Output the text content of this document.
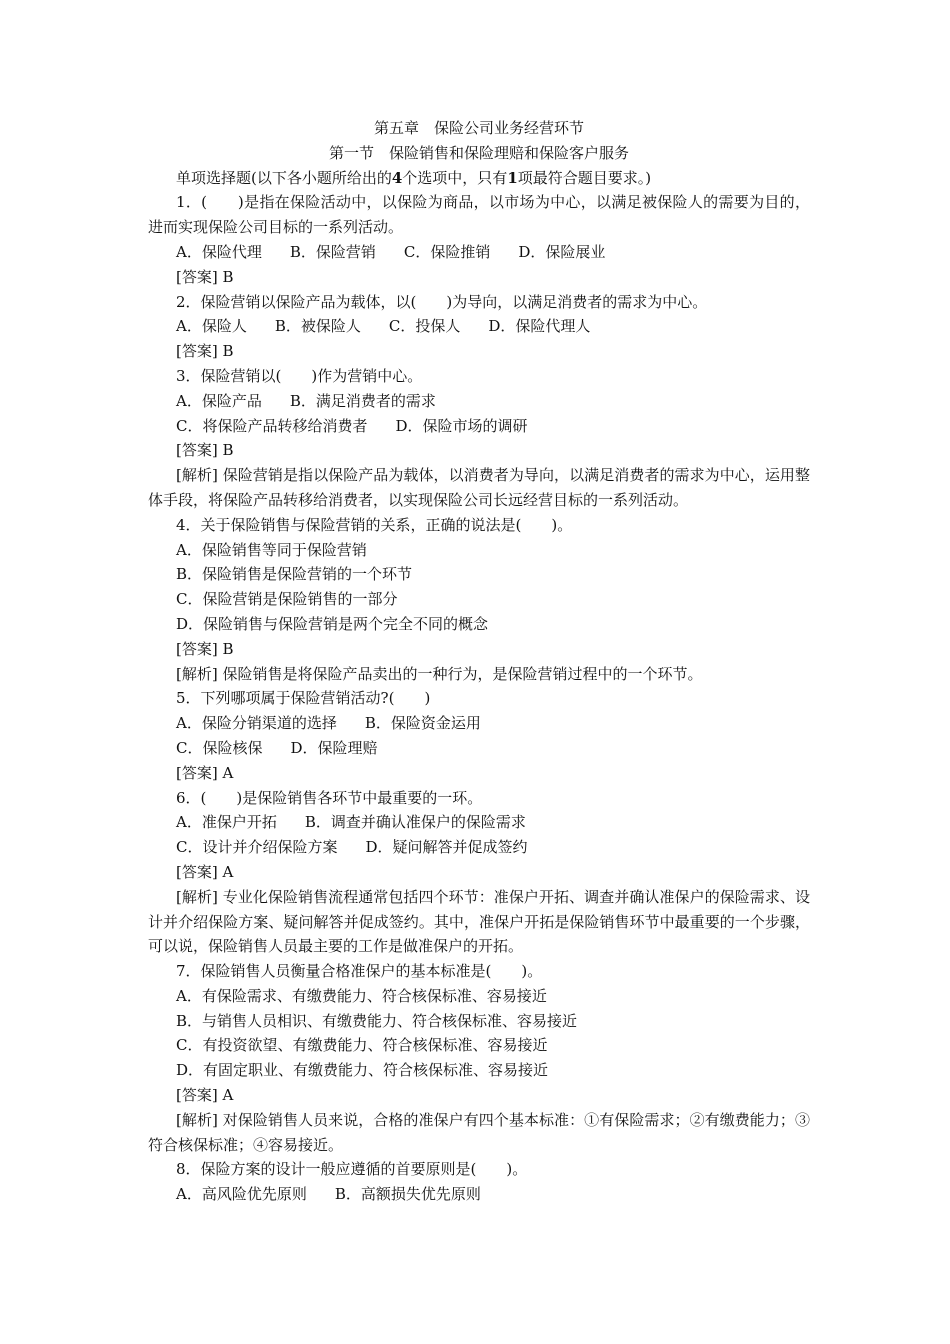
第五章　保险公司业务经营环节
第一节　保险销售和保险理赔和保险客户服务
单项选择题(以下各小题所给出的4个选项中，只有1项最符合题目要求。)
1．(　　)是指在保险活动中，以保险为商品，以市场为中心，以满足被保险人的需要为目的，进而实现保险公司目标的一系列活动。
A．保险代理 B．保险营销 C．保险推销 D．保险展业
[答案] B
2．保险营销以保险产品为载体，以(　　)为导向，以满足消费者的需求为中心。
A．保险人 B．被保险人 C．投保人 D．保险代理人
[答案] B
3．保险营销以(　　)作为营销中心。
A．保险产品 B．满足消费者的需求
C．将保险产品转移给消费者 D．保险市场的调研
[答案] B
[解析] 保险营销是指以保险产品为载体，以消费者为导向，以满足消费者的需求为中心，运用整体手段，将保险产品转移给消费者，以实现保险公司长远经营目标的一系列活动。
4．关于保险销售与保险营销的关系，正确的说法是(　　)。
A．保险销售等同于保险营销
B．保险销售是保险营销的一个环节
C．保险营销是保险销售的一部分
D．保险销售与保险营销是两个完全不同的概念
[答案] B
[解析] 保险销售是将保险产品卖出的一种行为，是保险营销过程中的一个环节。
5．下列哪项属于保险营销活动?(　　)
A．保险分销渠道的选择 B．保险资金运用
C．保险核保 D．保险理赔
[答案] A
6．(　　)是保险销售各环节中最重要的一环。
A．准保户开拓 B．调查并确认准保户的保险需求
C．设计并介绍保险方案 D．疑问解答并促成签约
[答案] A
[解析] 专业化保险销售流程通常包括四个环节：准保户开拓、调查并确认准保户的保险需求、设计并介绍保险方案、疑问解答并促成签约。其中，准保户开拓是保险销售环节中最重要的一个步骤，可以说，保险销售人员最主要的工作是做准保户的开拓。
7．保险销售人员衡量合格准保户的基本标准是(　　)。
A．有保险需求、有缴费能力、符合核保标准、容易接近
B．与销售人员相识、有缴费能力、符合核保标准、容易接近
C．有投资欲望、有缴费能力、符合核保标准、容易接近
D．有固定职业、有缴费能力、符合核保标准、容易接近
[答案] A
[解析] 对保险销售人员来说，合格的准保户有四个基本标准：①有保险需求；②有缴费能力；③符合核保标准；④容易接近。
8．保险方案的设计一般应遵循的首要原则是(　　)。
A．高风险优先原则 B．高额损失优先原则
